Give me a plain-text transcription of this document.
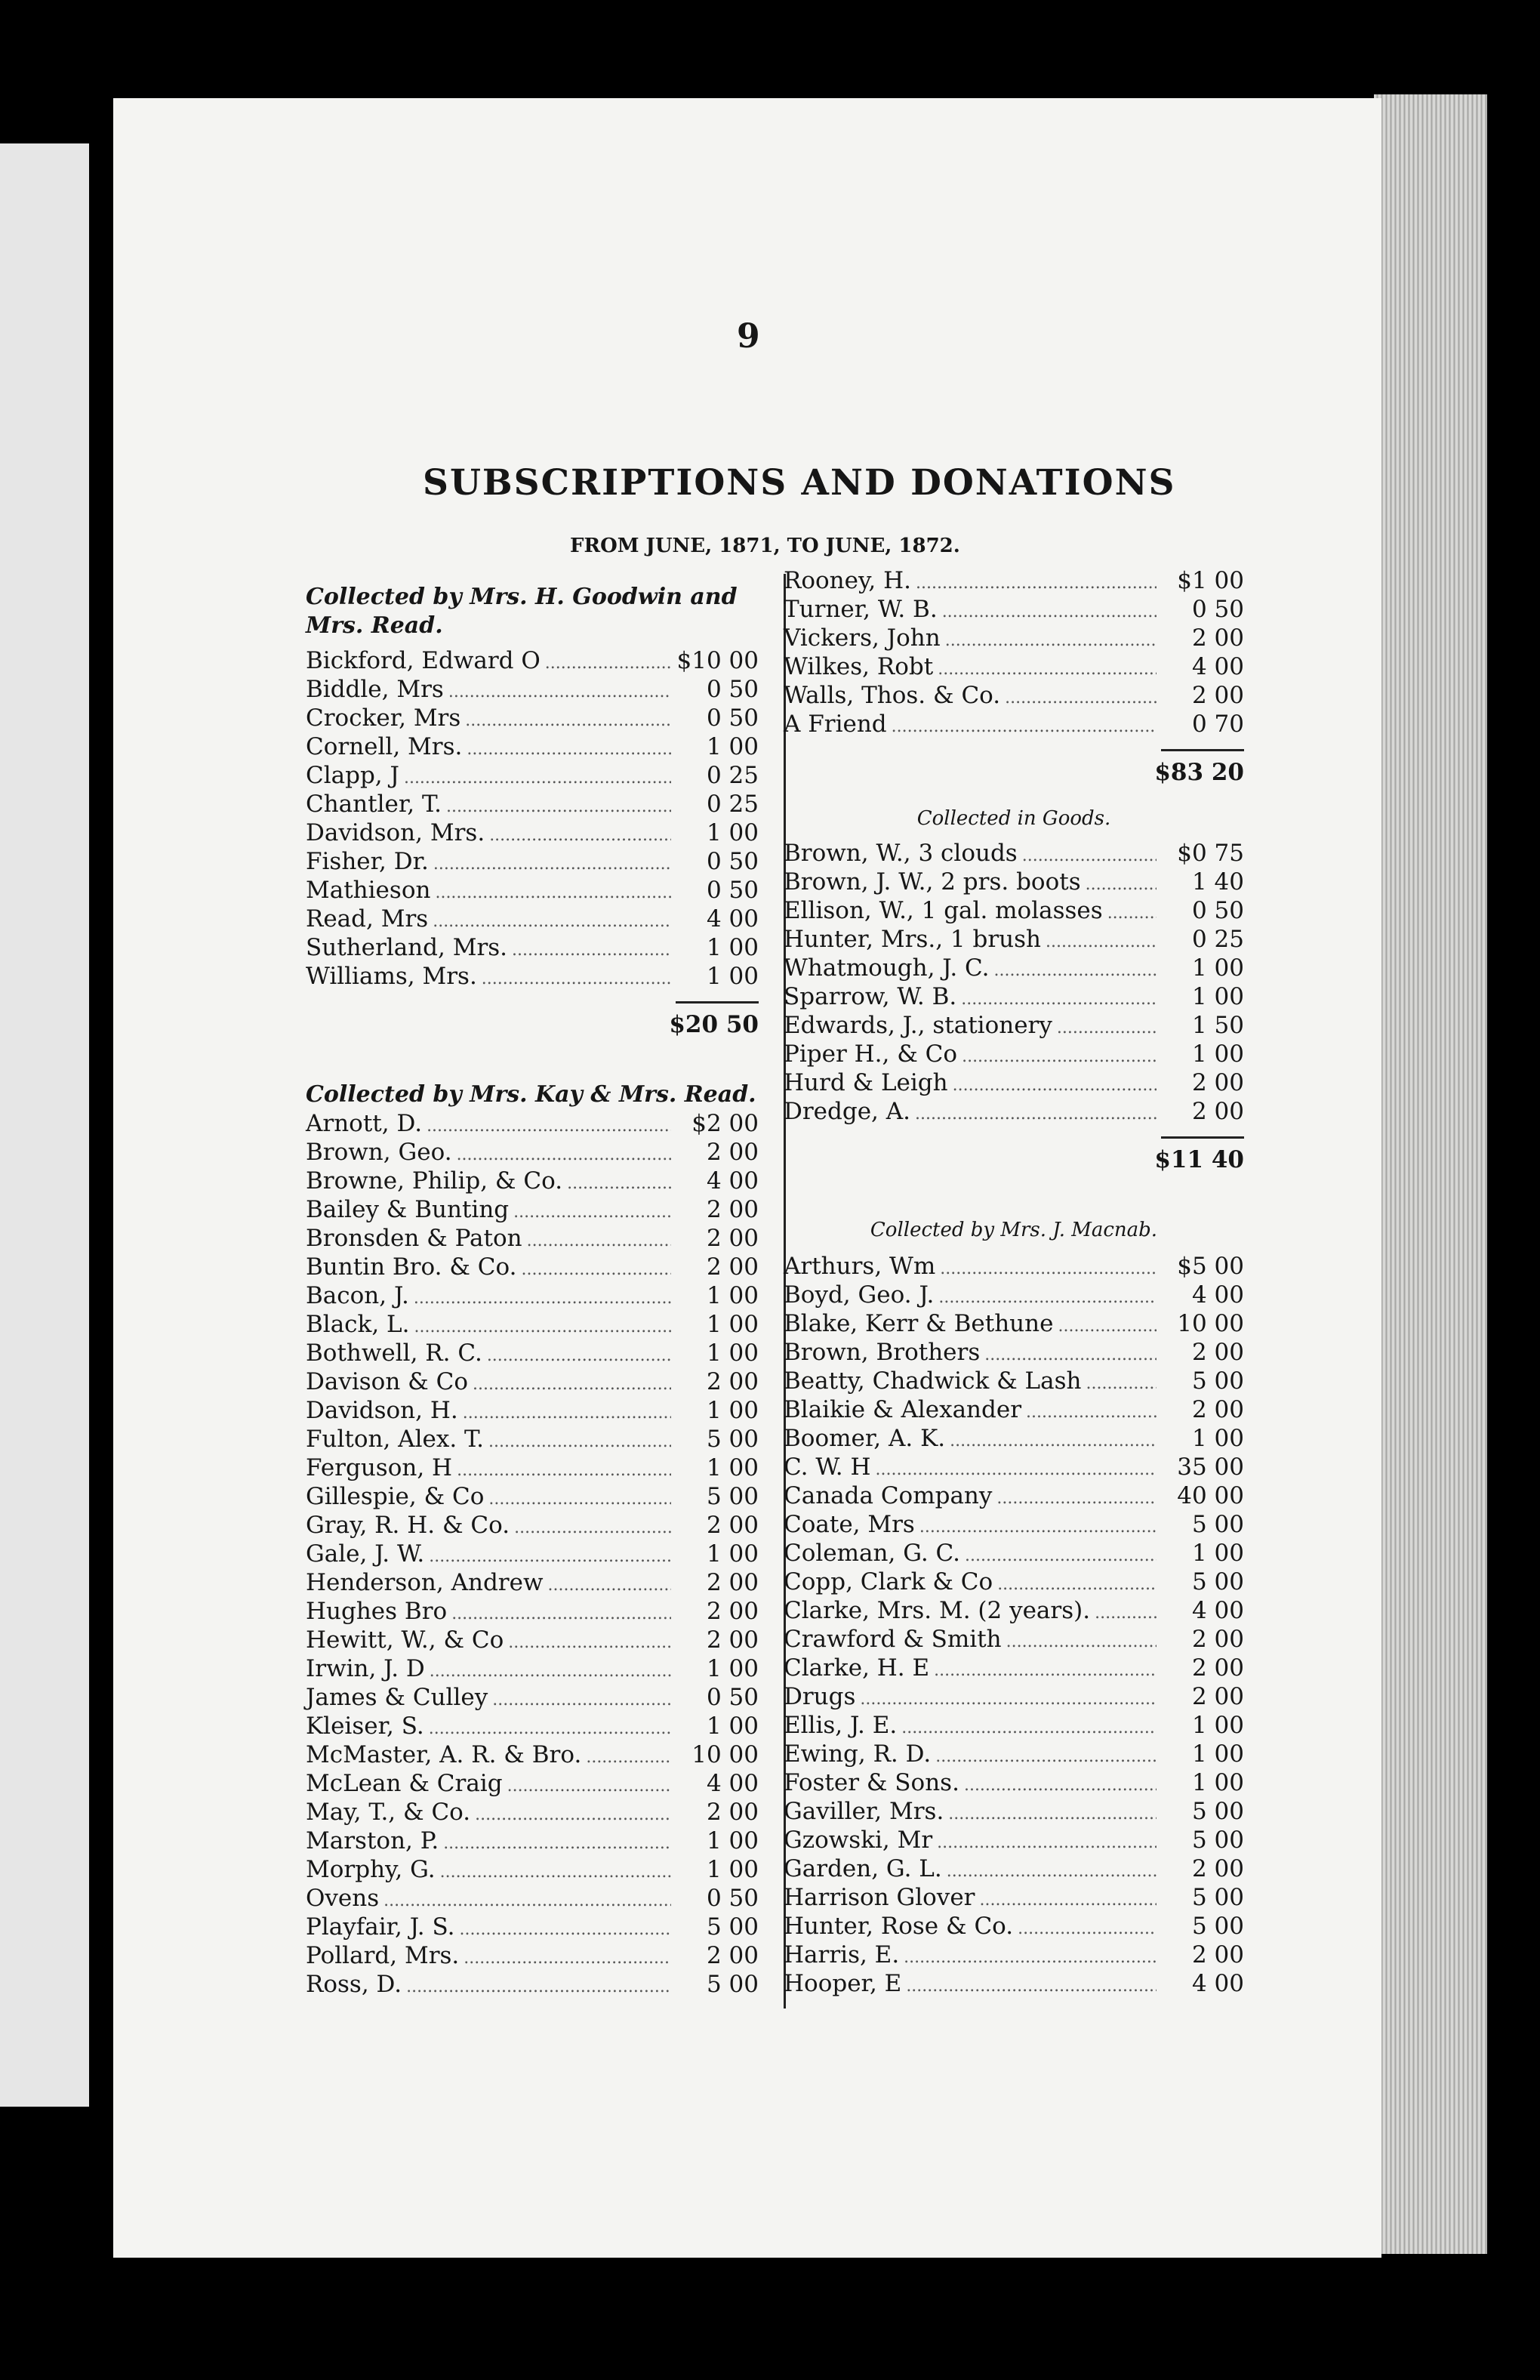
9
SUBSCRIPTIONS AND DONATIONS
FROM JUNE, 1871, TO JUNE, 1872.
Collected by Mrs. H. Goodwin and Mrs. Read.
Bickford, Edward O .....	$10 00
Biddle, Mrs .....	0 50
Crocker, Mrs .....	0 50
Cornell, Mrs. .....	1 00
Clapp, J .....	0 25
Chantler, T. .....	0 25
Davidson, Mrs. .....	1 00
Fisher, Dr. .....	0 50
Mathieson .....	0 50
Read, Mrs .....	4 00
Sutherland, Mrs. .....	1 00
Williams, Mrs. .....	1 00
$20 50
Collected by Mrs. Kay & Mrs. Read.
Arnott, D. .....	$2 00
Brown, Geo. .....	2 00
Browne, Philip, & Co. .....	4 00
Bailey & Bunting .....	2 00
Bronsden & Paton .....	2 00
Buntin Bro. & Co. .....	2 00
Bacon, J. .....	1 00
Black, L. .....	1 00
Bothwell, R. C. .....	1 00
Davison & Co .....	2 00
Davidson, H. .....	1 00
Fulton, Alex. T. .....	5 00
Ferguson, H .....	1 00
Gillespie, & Co .....	5 00
Gray, R. H. & Co. .....	2 00
Gale, J. W. .....	1 00
Henderson, Andrew .....	2 00
Hughes Bro .....	2 00
Hewitt, W., & Co .....	2 00
Irwin, J. D .....	1 00
James & Culley .....	0 50
Kleiser, S. .....	1 00
McMaster, A. R. & Bro. .....	10 00
McLean & Craig .....	4 00
May, T., & Co. .....	2 00
Marston, P. .....	1 00
Morphy, G. .....	1 00
Ovens .....	0 50
Playfair, J. S. .....	5 00
Pollard, Mrs. .....	2 00
Ross, D. .....	5 00
Rooney, H. .....	$1 00
Turner, W. B. .....	0 50
Vickers, John .....	2 00
Wilkes, Robt .....	4 00
Walls, Thos. & Co. .....	2 00
A Friend .....	0 70
$83 20
Collected in Goods.
Brown, W., 3 clouds .....	$0 75
Brown, J. W., 2 prs. boots .....	1 40
Ellison, W., 1 gal. molasses .....	0 50
Hunter, Mrs., 1 brush .....	0 25
Whatmough, J. C. .....	1 00
Sparrow, W. B. .....	1 00
Edwards, J., stationery .....	1 50
Piper H., & Co .....	1 00
Hurd & Leigh .....	2 00
Dredge, A. .....	2 00
$11 40
Collected by Mrs. J. Macnab.
Arthurs, Wm .....	$5 00
Boyd, Geo. J. .....	4 00
Blake, Kerr & Bethune .....	10 00
Brown, Brothers .....	2 00
Beatty, Chadwick & Lash .....	5 00
Blaikie & Alexander .....	2 00
Boomer, A. K. .....	1 00
C. W. H .....	35 00
Canada Company .....	40 00
Coate, Mrs .....	5 00
Coleman, G. C. .....	1 00
Copp, Clark & Co .....	5 00
Clarke, Mrs. M. (2 years). .....	4 00
Crawford & Smith .....	2 00
Clarke, H. E .....	2 00
Drugs .....	2 00
Ellis, J. E. .....	1 00
Ewing, R. D. .....	1 00
Foster & Sons. .....	1 00
Gaviller, Mrs. .....	5 00
Gzowski, Mr .....	5 00
Garden, G. L. .....	2 00
Harrison Glover .....	5 00
Hunter, Rose & Co. .....	5 00
Harris, E. .....	2 00
Hooper, E .....	4 00
